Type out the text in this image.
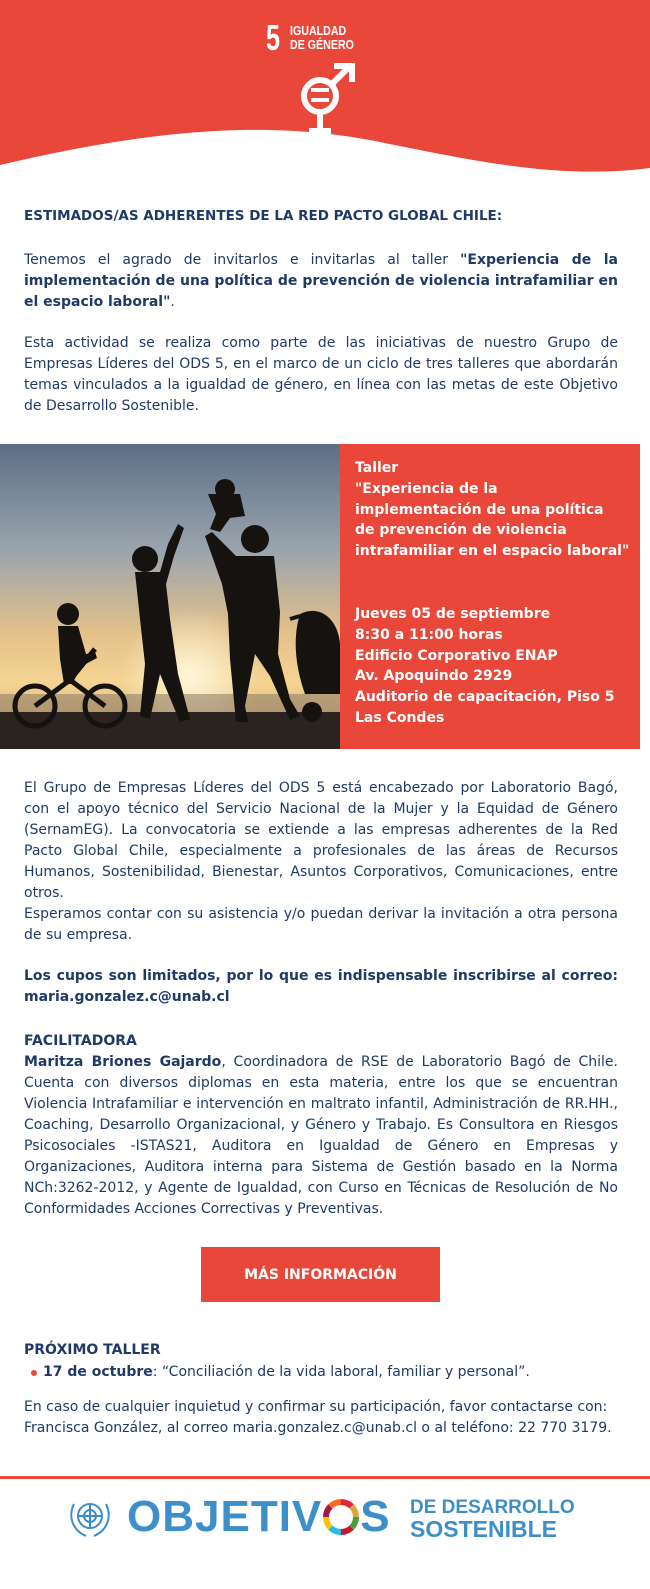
5 IGUALDAD
DE GÉNERO
ESTIMADOS/AS ADHERENTES DE LA RED PACTO GLOBAL CHILE:
Tenemos el agrado de invitarlos e invitarlas al taller "Experiencia de la implementación de una política de prevención de violencia intrafamiliar en el espacio laboral".
Esta actividad se realiza como parte de las iniciativas de nuestro Grupo de Empresas Líderes del ODS 5, en el marco de un ciclo de tres talleres que abordarán temas vinculados a la igualdad de género, en línea con las metas de este Objetivo de Desarrollo Sostenible.
Taller
"Experiencia de la
implementación de una política
de prevención de violencia
intrafamiliar en el espacio laboral"
Jueves 05 de septiembre
8:30 a 11:00 horas
Edificio Corporativo ENAP
Av. Apoquindo 2929
Auditorio de capacitación, Piso 5
Las Condes
El Grupo de Empresas Líderes del ODS 5 está encabezado por Laboratorio Bagó, con el apoyo técnico del Servicio Nacional de la Mujer y la Equidad de Género (SernamEG). La convocatoria se extiende a las empresas adherentes de la Red Pacto Global Chile, especialmente a profesionales de las áreas de Recursos Humanos, Sostenibilidad, Bienestar, Asuntos Corporativos, Comunicaciones, entre otros.
Esperamos contar con su asistencia y/o puedan derivar la invitación a otra persona de su empresa.
Los cupos son limitados, por lo que es indispensable inscribirse al correo: maria.gonzalez.c@unab.cl
FACILITADORA
Maritza Briones Gajardo, Coordinadora de RSE de Laboratorio Bagó de Chile. Cuenta con diversos diplomas en esta materia, entre los que se encuentran Violencia Intrafamiliar e intervención en maltrato infantil, Administración de RR.HH., Coaching, Desarrollo Organizacional, y Género y Trabajo. Es Consultora en Riesgos Psicosociales -ISTAS21, Auditora en Igualdad de Género en Empresas y Organizaciones, Auditora interna para Sistema de Gestión basado en la Norma NCh:3262-2012, y Agente de Igualdad, con Curso en Técnicas de Resolución de No Conformidades Acciones Correctivas y Preventivas.
MÁS INFORMACIÓN
PRÓXIMO TALLER
17 de octubre: “Conciliación de la vida laboral, familiar y personal”.
En caso de cualquier inquietud y confirmar su participación, favor contactarse con: Francisca González, al correo maria.gonzalez.c@unab.cl o al teléfono: 22 770 3179.
OBJETIV S DE DESARROLLO
SOSTENIBLE
